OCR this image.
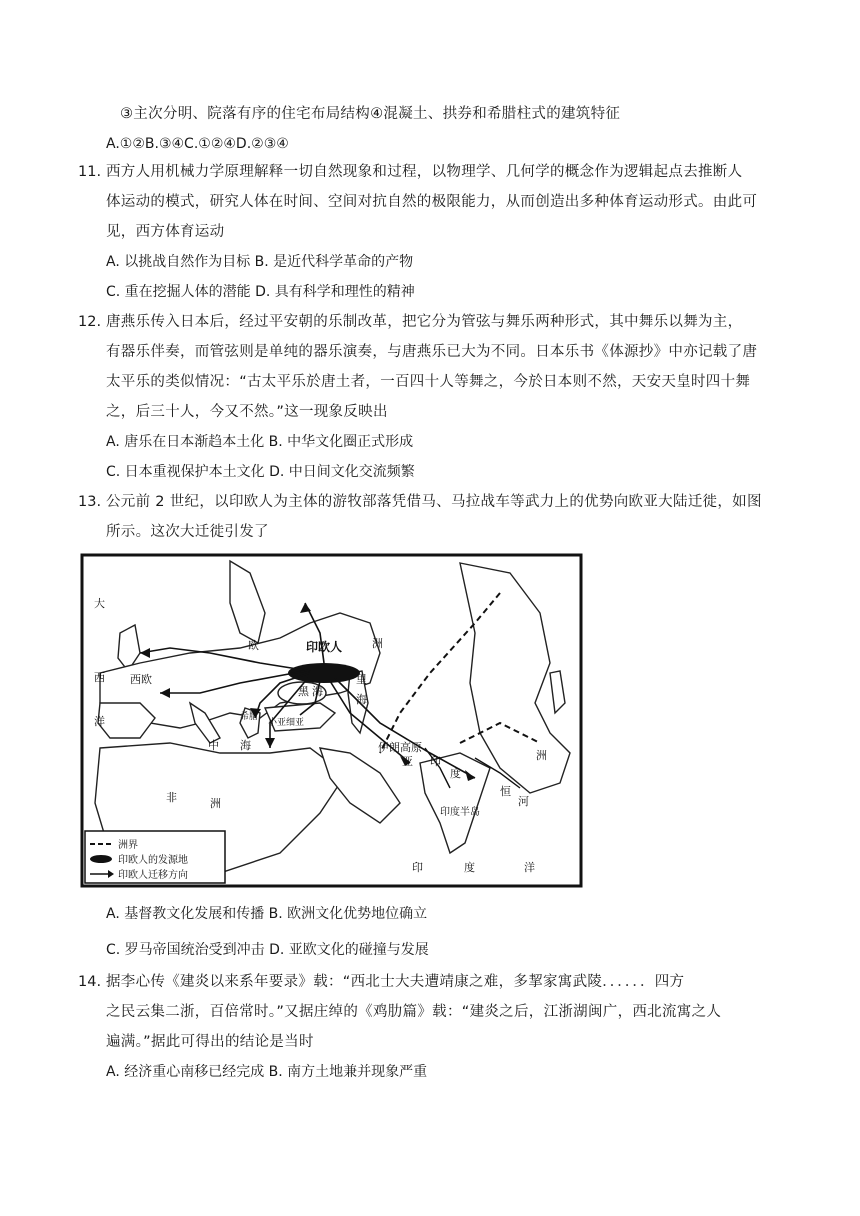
③主次分明、院落有序的住宅布局结构④混凝土、拱券和希腊柱式的建筑特征
A.①②B.③④C.①②④D.②③④
11. 西方人用机械力学原理解释一切自然现象和过程，以物理学、几何学的概念作为逻辑起点去推断人
体运动的模式，研究人体在时间、空间对抗自然的极限能力，从而创造出多种体育运动形式。由此可
见，西方体育运动
A. 以挑战自然作为目标 B. 是近代科学革命的产物
C. 重在挖掘人体的潜能 D. 具有科学和理性的精神
12. 唐燕乐传入日本后，经过平安朝的乐制改革，把它分为管弦与舞乐两种形式，其中舞乐以舞为主，
有器乐伴奏，而管弦则是单纯的器乐演奏，与唐燕乐已大为不同。日本乐书《体源抄》中亦记载了唐
太平乐的类似情况：“古太平乐於唐土者，一百四十人等舞之，今於日本则不然，天安天皇时四十舞
之，后三十人，今又不然。”这一现象反映出
A. 唐乐在日本渐趋本土化 B. 中华文化圈正式形成
C. 日本重视保护本土文化 D. 中日间文化交流频繁
13. 公元前 2 世纪，以印欧人为主体的游牧部落凭借马、马拉战车等武力上的优势向欧亚大陆迁徙，如图
所示。这次大迁徙引发了
大
西
洋
西欧
欧	印欧人	洲
黑 海
里
海
小亚细亚
希腊
中 海	伊朗高原
亚 印
度
洲
恒
河
印度半岛
非	洲
印	度	洋
洲界
印欧人的发源地
印欧人迁移方向
A. 基督教文化发展和传播 B. 欧洲文化优势地位确立
C. 罗马帝国统治受到冲击 D. 亚欧文化的碰撞与发展
14. 据李心传《建炎以来系年要录》载：“西北士大夫遭靖康之难，多挈家寓武陵．．．．．．四方
之民云集二浙，百倍常时。”又据庄绰的《鸡肋篇》载：“建炎之后，江浙湖闽广，西北流寓之人
遍满。”据此可得出的结论是当时
A. 经济重心南移已经完成 B. 南方土地兼并现象严重
